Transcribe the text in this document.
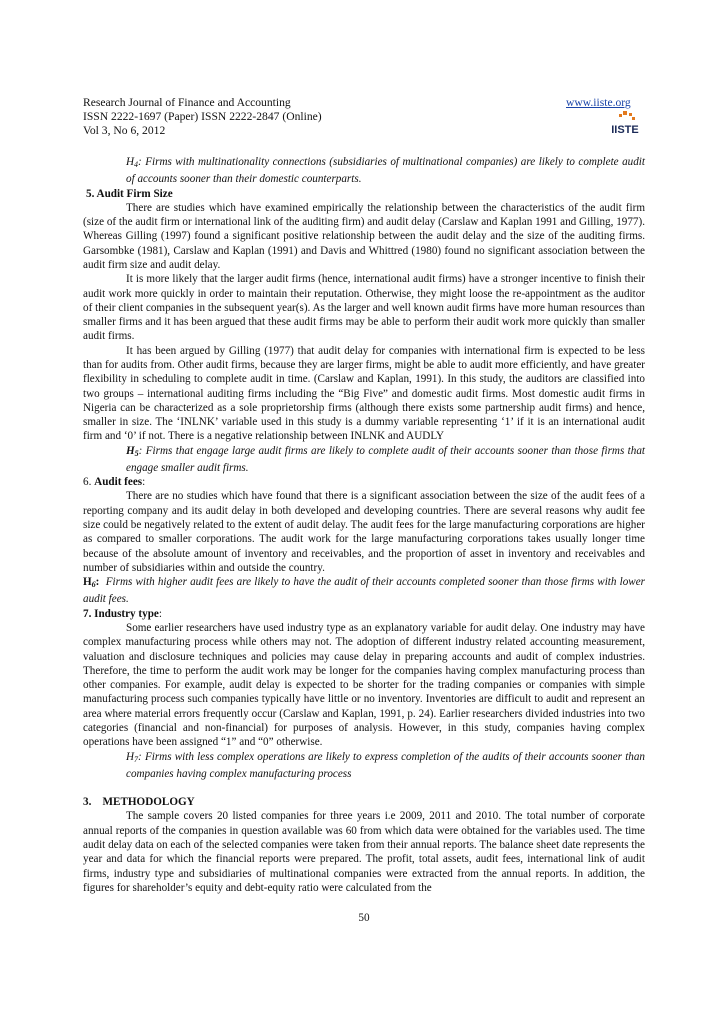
Research Journal of Finance and Accounting
ISSN 2222-1697 (Paper) ISSN 2222-2847 (Online)
Vol 3, No 6, 2012
www.iiste.org
IISTE

$H_4$: Firms with multinationality connections (subsidiaries of multinational companies) are likely to complete audit of accounts sooner than their domestic counterparts.

5. Audit Firm Size

There are studies which have examined empirically the relationship between the characteristics of the audit firm (size of the audit firm or international link of the auditing firm) and audit delay (Carslaw and Kaplan 1991 and Gilling, 1977). Whereas Gilling (1997) found a significant positive relationship between the audit delay and the size of the auditing firms. Garsombke (1981), Carslaw and Kaplan (1991) and Davis and Whittred (1980) found no significant association between the audit firm size and audit delay.

It is more likely that the larger audit firms (hence, international audit firms) have a stronger incentive to finish their audit work more quickly in order to maintain their reputation. Otherwise, they might loose the re-appointment as the auditor of their client companies in the subsequent year(s). As the larger and well known audit firms have more human resources than smaller firms and it has been argued that these audit firms may be able to perform their audit work more quickly than smaller audit firms.

It has been argued by Gilling (1977) that audit delay for companies with international firm is expected to be less than for audits from. Other audit firms, because they are larger firms, might be able to audit more efficiently, and have greater flexibility in scheduling to complete audit in time. (Carslaw and Kaplan, 1991). In this study, the auditors are classified into two groups – international auditing firms including the “Big Five” and domestic audit firms. Most domestic audit firms in Nigeria can be characterized as a sole proprietorship firms (although there exists some partnership audit firms) and hence, smaller in size. The ‘INLNK’ variable used in this study is a dummy variable representing ‘1’ if it is an international audit firm and ‘0’ if not. There is a negative relationship between INLNK and AUDLY

$H_5$: Firms that engage large audit firms are likely to complete audit of their accounts sooner than those firms that engage smaller audit firms.

6. Audit fees:

There are no studies which have found that there is a significant association between the size of the audit fees of a reporting company and its audit delay in both developed and developing countries. There are several reasons why audit fee size could be negatively related to the extent of audit delay. The audit fees for the large manufacturing corporations are higher as compared to smaller corporations. The audit work for the large manufacturing corporations takes usually longer time because of the absolute amount of inventory and receivables, and the proportion of asset in inventory and receivables and number of subsidiaries within and outside the country.

$H_6$: Firms with higher audit fees are likely to have the audit of their accounts completed sooner than those firms with lower audit fees.

7. Industry type:

Some earlier researchers have used industry type as an explanatory variable for audit delay. One industry may have complex manufacturing process while others may not. The adoption of different industry related accounting measurement, valuation and disclosure techniques and policies may cause delay in preparing accounts and audit of complex industries. Therefore, the time to perform the audit work may be longer for the companies having complex manufacturing process than other companies. For example, audit delay is expected to be shorter for the trading companies or companies with simple manufacturing process such companies typically have little or no inventory. Inventories are difficult to audit and represent an area where material errors frequently occur (Carslaw and Kaplan, 1991, p. 24). Earlier researchers divided industries into two categories (financial and non-financial) for purposes of analysis. However, in this study, companies having complex operations have been assigned “1” and “0” otherwise.

$H_7$: Firms with less complex operations are likely to express completion of the audits of their accounts sooner than companies having complex manufacturing process

3.    METHODOLOGY

The sample covers 20 listed companies for three years i.e 2009, 2011 and 2010. The total number of corporate annual reports of the companies in question available was 60 from which data were obtained for the variables used. The time audit delay data on each of the selected companies were taken from their annual reports. The balance sheet date represents the year and data for which the financial reports were prepared. The profit, total assets, audit fees, international link of audit firms, industry type and subsidiaries of multinational companies were extracted from the annual reports. In addition, the figures for shareholder’s equity and debt-equity ratio were calculated from the

50
